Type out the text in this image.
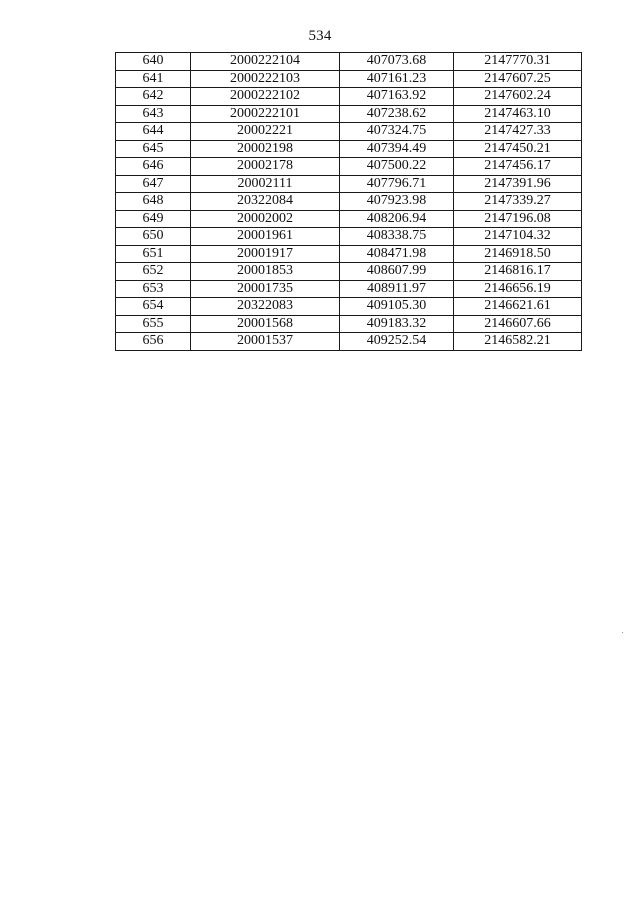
534
640	2000222104	407073.68	2147770.31
641	2000222103	407161.23	2147607.25
642	2000222102	407163.92	2147602.24
643	2000222101	407238.62	2147463.10
644	20002221	407324.75	2147427.33
645	20002198	407394.49	2147450.21
646	20002178	407500.22	2147456.17
647	20002111	407796.71	2147391.96
648	20322084	407923.98	2147339.27
649	20002002	408206.94	2147196.08
650	20001961	408338.75	2147104.32
651	20001917	408471.98	2146918.50
652	20001853	408607.99	2146816.17
653	20001735	408911.97	2146656.19
654	20322083	409105.30	2146621.61
655	20001568	409183.32	2146607.66
656	20001537	409252.54	2146582.21
